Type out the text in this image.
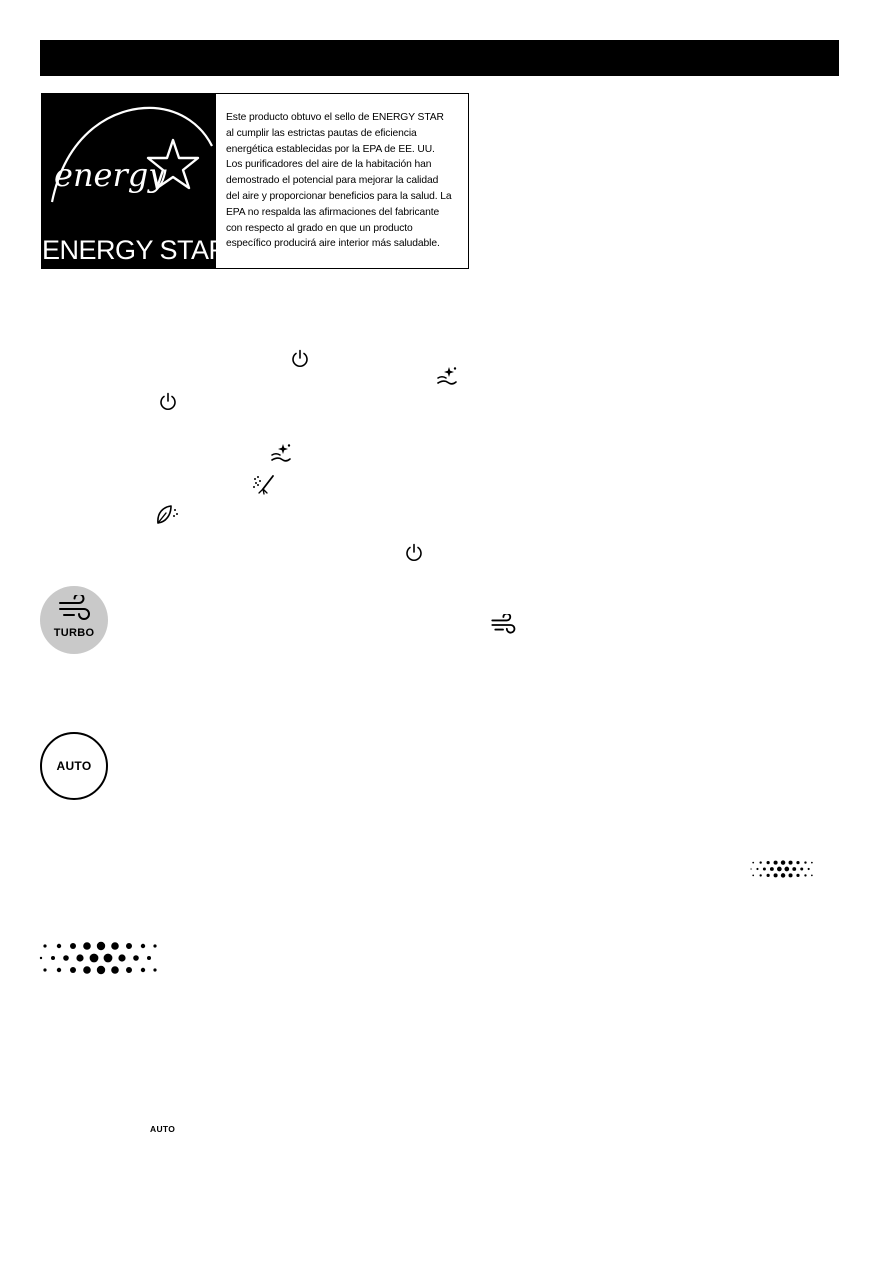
energy
ENERGY STAR
Este producto obtuvo el sello de ENERGY STAR
al cumplir las estrictas pautas de eficiencia
energética establecidas por la EPA de EE. UU.
Los purificadores del aire de la habitación han
demostrado el potencial para mejorar la calidad
del aire y proporcionar beneficios para la salud. La
EPA no respalda las afirmaciones del fabricante
con respecto al grado en que un producto
específico producirá aire interior más saludable.
TURBO
AUTO
AUTO
